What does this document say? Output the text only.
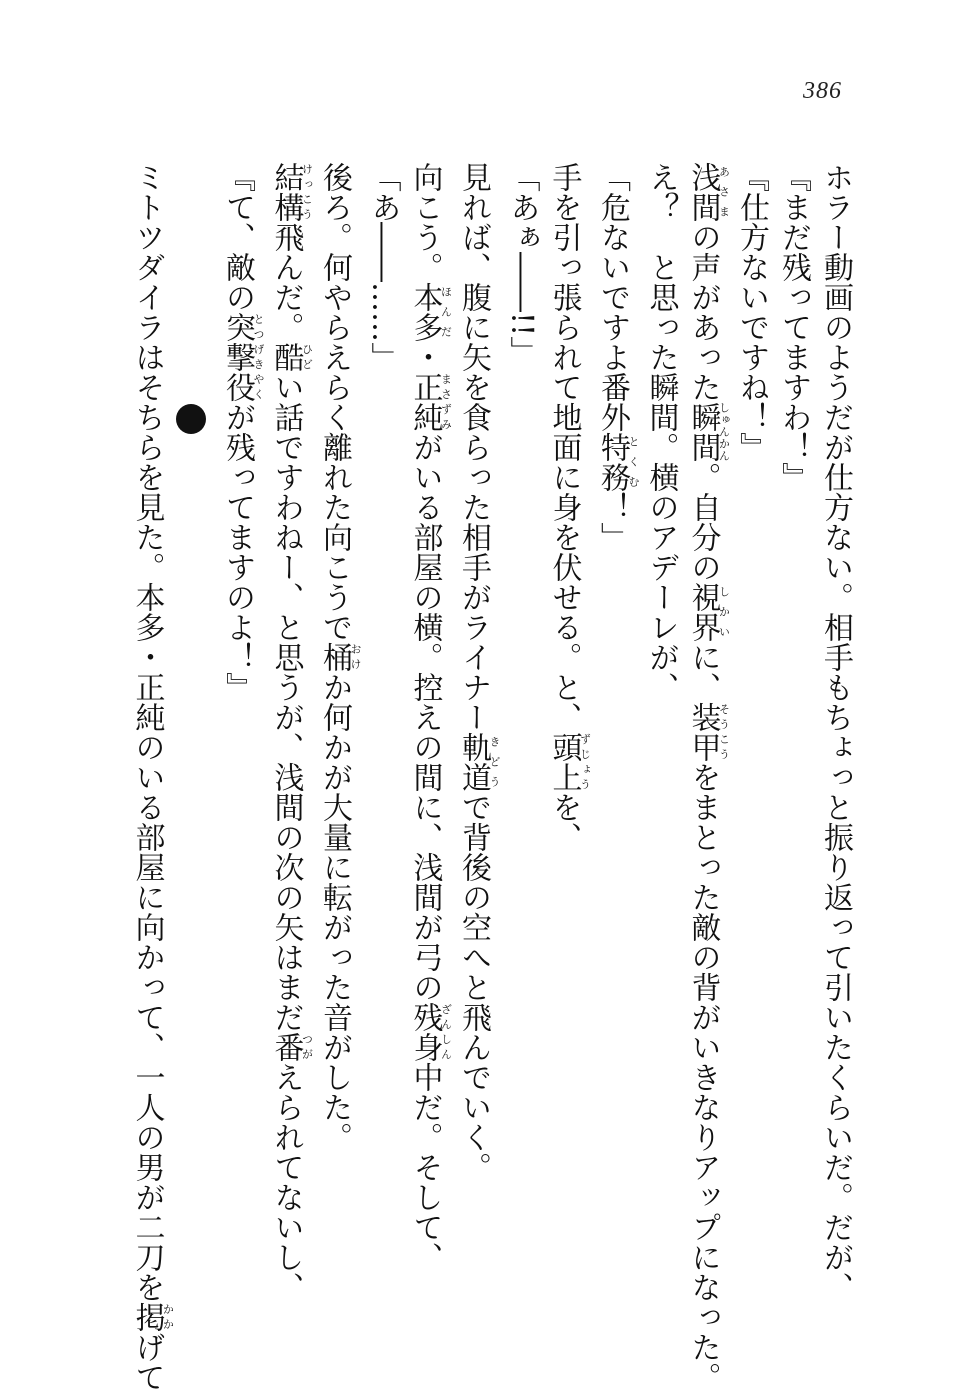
386

ホラー動画のようだが仕方ない。相手もちょっと振り返って引いたくらいだ。だが、

『まだ残ってますわ！』

『仕方ないですね！』

浅間あさまの声があった瞬間しゅんかん。自分の視界しかいに、装甲そうこうをまとった敵の背がいきなりアップになった。

え？　と思った瞬間。横のアデーレが、

「危ないですよ番外特務とくむ！」

手を引っ張られて地面に身を伏せる。と、頭上ずじょうを、

「あぁ――!!」

見れば、腹に矢を食らった相手がライナー軌道きどうで背後の空へと飛んでいく。

向こう。本多ほんだ・正純まさずみがいる部屋の横。控えの間に、浅間が弓の残身ざんしん中だ。そして、

「あ――……」

後ろ。何やらえらく離れた向こうで桶おけか何かが大量に転がった音がした。

結構けっこう飛んだ。酷ひどい話ですわねー、と思うが、浅間の次の矢はまだ番つがえられてないし、

『て、敵の突撃役とつげきやくが残ってますのよ！』

ミトツダイラはそちらを見た。本多・正純のいる部屋に向かって、一人の男が二刀を掲かかげて
